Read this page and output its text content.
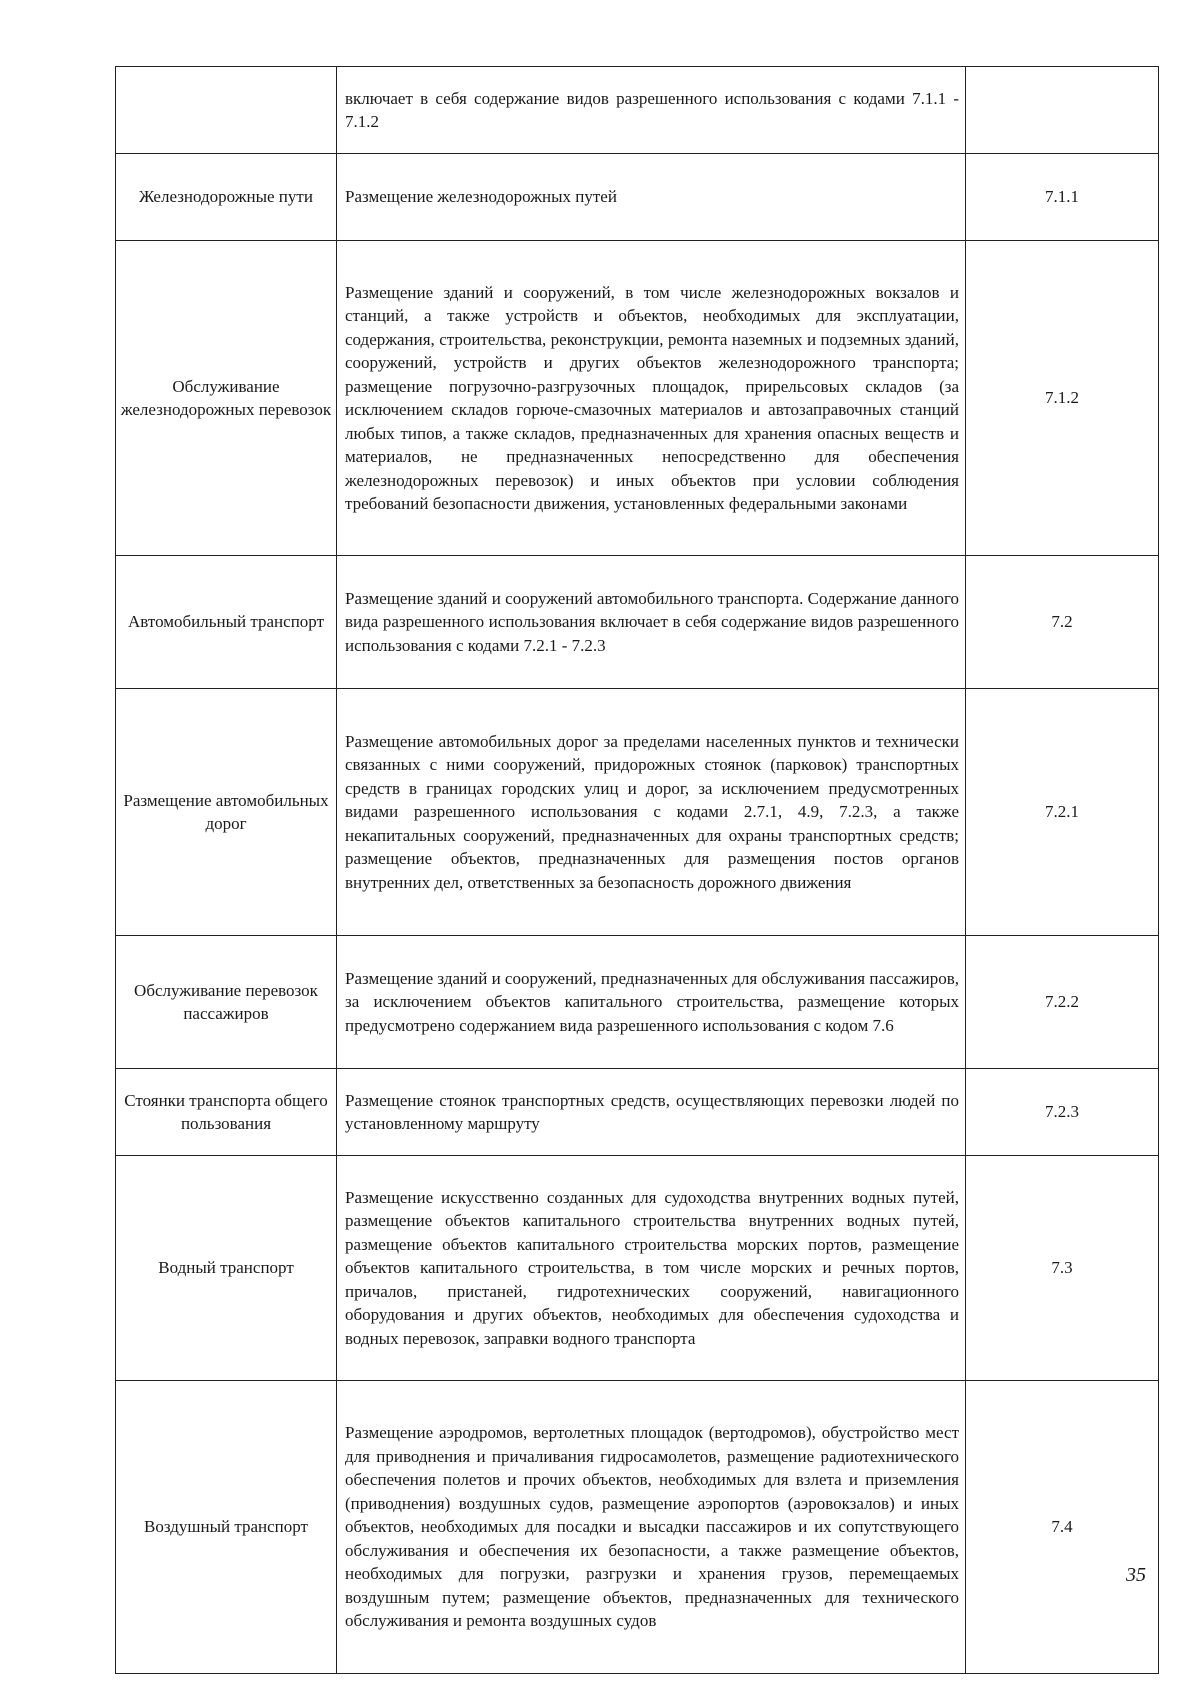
	включает в себя содержание видов разрешенного использования с кодами 7.1.1 - 7.1.2	
Железнодорожные пути	Размещение железнодорожных путей	7.1.1
Обслуживание железнодорожных перевозок	Размещение зданий и сооружений, в том числе железнодорожных вокзалов и станций, а также устройств и объектов, необходимых для эксплуатации, содержания, строительства, реконструкции, ремонта наземных и подземных зданий, сооружений, устройств и других объектов железнодорожного транспорта; размещение погрузочно-разгрузочных площадок, прирельсовых складов (за исключением складов горюче-смазочных материалов и автозаправочных станций любых типов, а также складов, предназначенных для хранения опасных веществ и материалов, не предназначенных непосредственно для обеспечения железнодорожных перевозок) и иных объектов при условии соблюдения требований безопасности движения, установленных федеральными законами	7.1.2
Автомобильный транспорт	Размещение зданий и сооружений автомобильного транспорта. Содержание данного вида разрешенного использования включает в себя содержание видов разрешенного использования с кодами 7.2.1 - 7.2.3	7.2
Размещение автомобильных дорог	Размещение автомобильных дорог за пределами населенных пунктов и технически связанных с ними сооружений, придорожных стоянок (парковок) транспортных средств в границах городских улиц и дорог, за исключением предусмотренных видами разрешенного использования с кодами 2.7.1, 4.9, 7.2.3, а также некапитальных сооружений, предназначенных для охраны транспортных средств; размещение объектов, предназначенных для размещения постов органов внутренних дел, ответственных за безопасность дорожного движения	7.2.1
Обслуживание перевозок пассажиров	Размещение зданий и сооружений, предназначенных для обслуживания пассажиров, за исключением объектов капитального строительства, размещение которых предусмотрено содержанием вида разрешенного использования с кодом 7.6	7.2.2
Стоянки транспорта общего пользования	Размещение стоянок транспортных средств, осуществляющих перевозки людей по установленному маршруту	7.2.3
Водный транспорт	Размещение искусственно созданных для судоходства внутренних водных путей, размещение объектов капитального строительства внутренних водных путей, размещение объектов капитального строительства морских портов, размещение объектов капитального строительства, в том числе морских и речных портов, причалов, пристаней, гидротехнических сооружений, навигационного оборудования и других объектов, необходимых для обеспечения судоходства и водных перевозок, заправки водного транспорта	7.3
Воздушный транспорт	Размещение аэродромов, вертолетных площадок (вертодромов), обустройство мест для приводнения и причаливания гидросамолетов, размещение радиотехнического обеспечения полетов и прочих объектов, необходимых для взлета и приземления (приводнения) воздушных судов, размещение аэропортов (аэровокзалов) и иных объектов, необходимых для посадки и высадки пассажиров и их сопутствующего обслуживания и обеспечения их безопасности, а также размещение объектов, необходимых для погрузки, разгрузки и хранения грузов, перемещаемых воздушным путем; размещение объектов, предназначенных для технического обслуживания и ремонта воздушных судов	7.4
35
